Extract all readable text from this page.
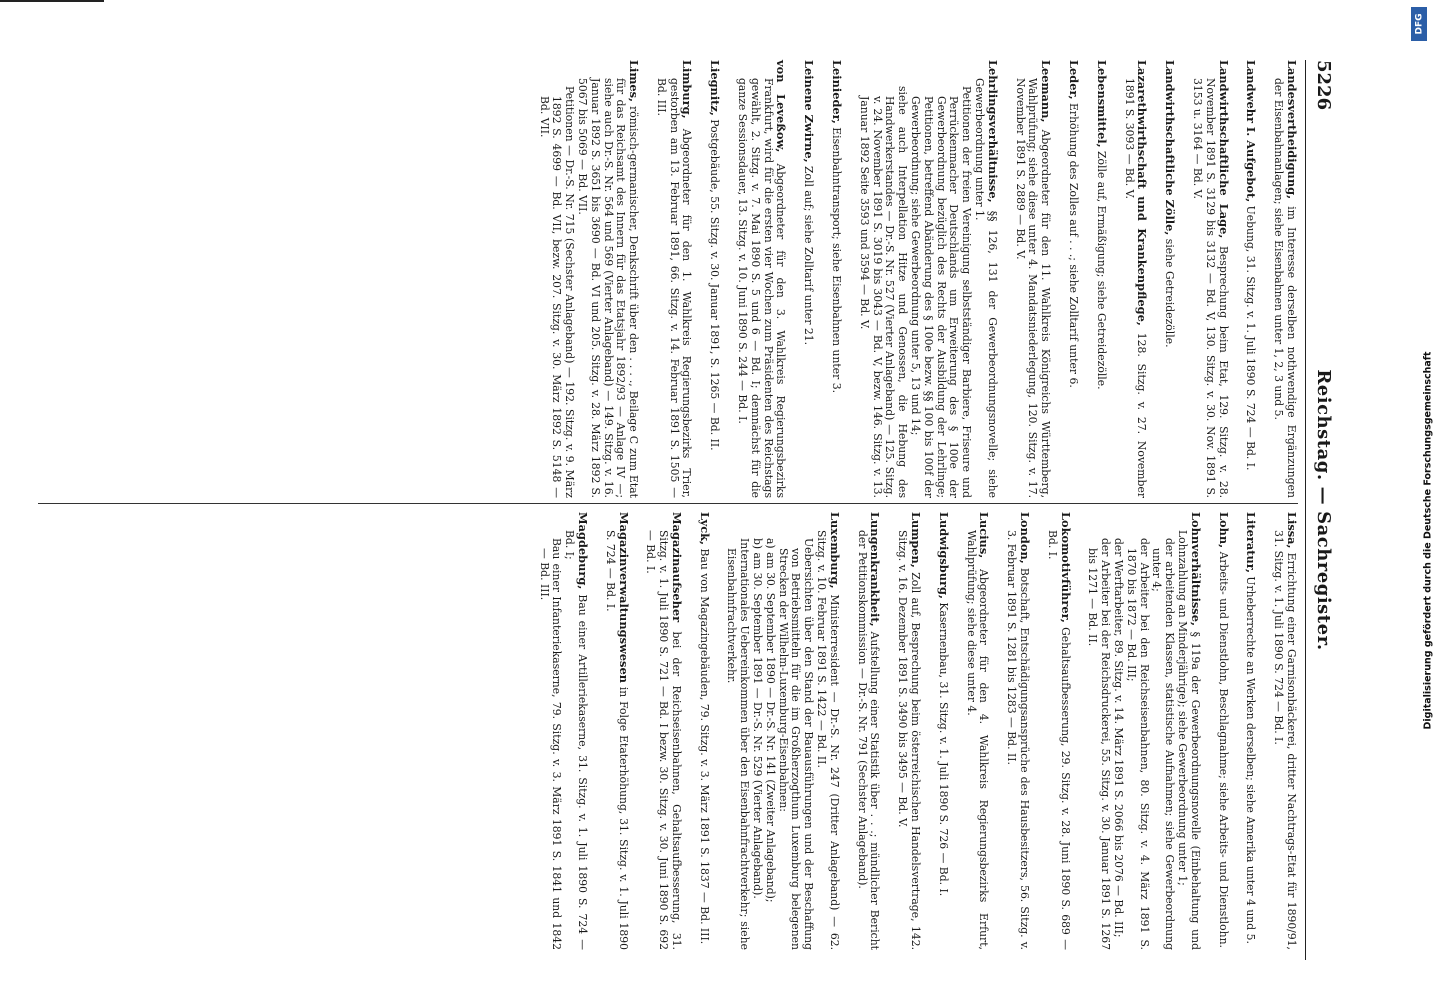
5226
Reichstag.—Sachregister.
Landesvertheidigung, im Interesse derselben nothwendige Ergänzungen der Eisenbahnanlagen; siehe Eisenbahnen unter 1, 2, 3 und 5.
Landwehr I. Aufgebot, Uebung, 31. Sitzg. v. 1. Juli 1890 S. 724 — Bd. I.
Landwirthschaftliche Lage, Besprechung beim Etat, 129. Sitzg. v. 28. November 1891 S. 3129 bis 3132 — Bd. V, 130. Sitzg. v. 30. Nov. 1891 S. 3153 u. 3164 — Bd. V.
Landwirthschaftliche Zölle, siehe Getreidezölle.
Lazarethwirthschaft und Krankenpflege, 128. Sitzg. v. 27. November 1891 S. 3093 — Bd. V.
Lebensmittel, Zölle auf, Ermäßigung; siehe Getreidezölle.
Leder, Erhöhung des Zolles auf . . .; siehe Zolltarif unter 6.
Leemann, Abgeordneter für den 11. Wahlkreis Königreichs Württemberg, Wahlprüfung; siehe diese unter 4. Mandatsniederlegung, 120. Sitzg. v. 17. November 1891 S. 2889 — Bd. V.
Lehrlingsverhältnisse, §§ 126, 131 der Gewerbeordnungsnovelle; siehe Gewerbeordnung unter 1.
Petitionen der freien Vereinigung selbstständiger Barbiere, Friseure und Perrückenmacher Deutschlands um Erweiterung des § 100e der Gewerbeordnung bezüglich des Rechts der Ausbildung der Lehrlinge; Petitionen, betreffend Abänderung des § 100e bezw. §§ 100 bis 100f der Gewerbeordnung; siehe Gewerbeordnung unter 5, 13 und 14;
siehe auch Interpellation Hitze und Genossen, die Hebung des Handwerkerstandes — Dr.-S. Nr. 527 (Vierter Anlageband) — 125. Sitzg. v. 24. November 1891 S. 3019 bis 3043 — Bd. V, bezw. 146. Sitzg. v. 13. Januar 1892 Seite 3593 und 3594 — Bd. V.
Leinieder, Eisenbahntransport; siehe Eisenbahnen unter 3.
Leinene Zwirne, Zoll auf; siehe Zolltarif unter 21.
von Leveßow, Abgeordneter für den 3. Wahlkreis Regierungsbezirks Frankfurt, wird für die ersten vier Wochen zum Präsidenten des Reichstags gewählt, 2. Sitzg. v. 7. Mai 1890 S. 5 und 6 — Bd. I; demnächst für die ganze Sessionsdauer, 13. Sitzg. v. 10. Juni 1890 S. 244 — Bd. I.
Liegnitz, Postgebäude, 55. Sitzg. v. 30. Januar 1891, S. 1265 — Bd. II.
Limburg, Abgeordneter für den 1. Wahlkreis Regierungsbezirks Trier, gestorben am 13. Februar 1891, 66. Sitzg. v. 14. Februar 1891 S. 1505 — Bd. III.
Limes, römisch-germanischer, Denkschrift über den . . . ., Beilage C zum Etat für das Reichsamt des Innern für das Etatsjahr 1892/93 — Anlage IV —; siehe auch Dr.-S. Nr. 564 und 569 (Vierter Anlageband) — 149. Sitzg. v. 16. Januar 1892 S. 3651 bis 3690 — Bd. VI und 205. Sitzg. v. 28. März 1892 S. 5067 bis 5069 — Bd. VII.
Petitionen — Dr.-S. Nr. 715 (Sechster Anlageband) — 192. Sitzg. v. 9. März 1892 S. 4699 — Bd. VII, bezw. 207. Sitzg. v. 30. März 1892 S. 5148 — Bd. VII.
Lissa, Errichtung einer Garnisonbäckerei, dritter Nachtrags-Etat für 1890/91, 31. Sitzg. v. 1. Juli 1890 S. 724 — Bd. I.
Literatur, Urheberrechte an Werken derselben; siehe Amerika unter 4 und 5.
Lohn, Arbeits- und Dienstlohn, Beschlagnahme; siehe Arbeits- und Dienstlohn.
Lohnverhältnisse, § 119a der Gewerbeordnungsnovelle (Einbehaltung und Lohnzahlung an Minderjährige); siehe Gewerbeordnung unter 1;
der arbeitenden Klassen, statistische Aufnahmen; siehe Gewerbeordnung unter 4;
der Arbeiter bei den Reichseisenbahnen, 80. Sitzg. v. 4. März 1891 S. 1870 bis 1872 — Bd. III;
der Werftarbeiter, 89. Sitzg. v. 14. März 1891 S. 2066 bis 2076 — Bd. III;
der Arbeiter bei der Reichsdruckerei, 55. Sitzg. v. 30. Januar 1891 S. 1267 bis 1271 — Bd. II.
Lokomotivführer, Gehaltsaufbesserung, 29. Sitzg. v. 28. Juni 1890 S. 689 — Bd. I.
London, Botschaft, Entschädigungsansprüche des Hausbesitzers, 56. Sitzg. v. 3. Februar 1891 S. 1281 bis 1283 — Bd. II.
Lucius, Abgeordneter für den 4. Wahlkreis Regierungsbezirks Erfurt, Wahlprüfung; siehe diese unter 4.
Ludwigsburg, Kasernenbau, 31. Sitzg. v. 1. Juli 1890 S. 726 — Bd. I.
Lumpen, Zoll auf, Besprechung beim österreichischen Handelsvertrage, 142. Sitzg. v. 16. Dezember 1891 S. 3490 bis 3495 — Bd. V.
Lungenkrankheit, Aufstellung einer Statistik über . . .; mündlicher Bericht der Petitionskommission — Dr.-S. Nr. 791 (Sechster Anlageband).
Luxemburg, Ministerresident — Dr.-S. Nr. 247 (Dritter Anlageband) — 62. Sitzg. v. 10. Februar 1891 S. 1422 — Bd. II.
Uebersichten über den Stand der Bauausführungen und der Beschaffung von Betriebsmitteln für die im Großherzogthum Luxemburg belegenen Strecken der Wilhelm-Luxemburg-Eisenbahnen:
a) am 30. September 1890 — Dr.-S. Nr. 141 (Zweiter Anlageband);
b) am 30. September 1891 — Dr.-S. Nr. 529 (Vierter Anlageband).
Internationales Uebereinkommen über den Eisenbahnfrachtverkehr; siehe Eisenbahnfrachtverkehr.
Lyck, Bau von Magazingebäuden, 79. Sitzg. v. 3. März 1891 S. 1837 — Bd. III.
Magazinaufseher bei der Reichseisenbahnen, Gehaltsaufbesserung, 31. Sitzg. v. 1. Juli 1890 S. 721 — Bd. I bezw. 30. Sitzg. v. 30. Juni 1890 S. 692 — Bd. I.
Magazinverwaltungswesen in Folge Etaterhöhung, 31. Sitzg. v. 1. Juli 1890 S. 724 — Bd. I.
Magdeburg, Bau einer Artilleriekaserne, 31. Sitzg. v. 1. Juli 1890 S. 724 — Bd. I;
Bau einer Infanteriekaserne, 79. Sitzg. v. 3. März 1891 S. 1841 und 1842 — Bd. III.
DFG
Digitalisierung gefördert durch die Deutsche Forschungsgemeinschaft
